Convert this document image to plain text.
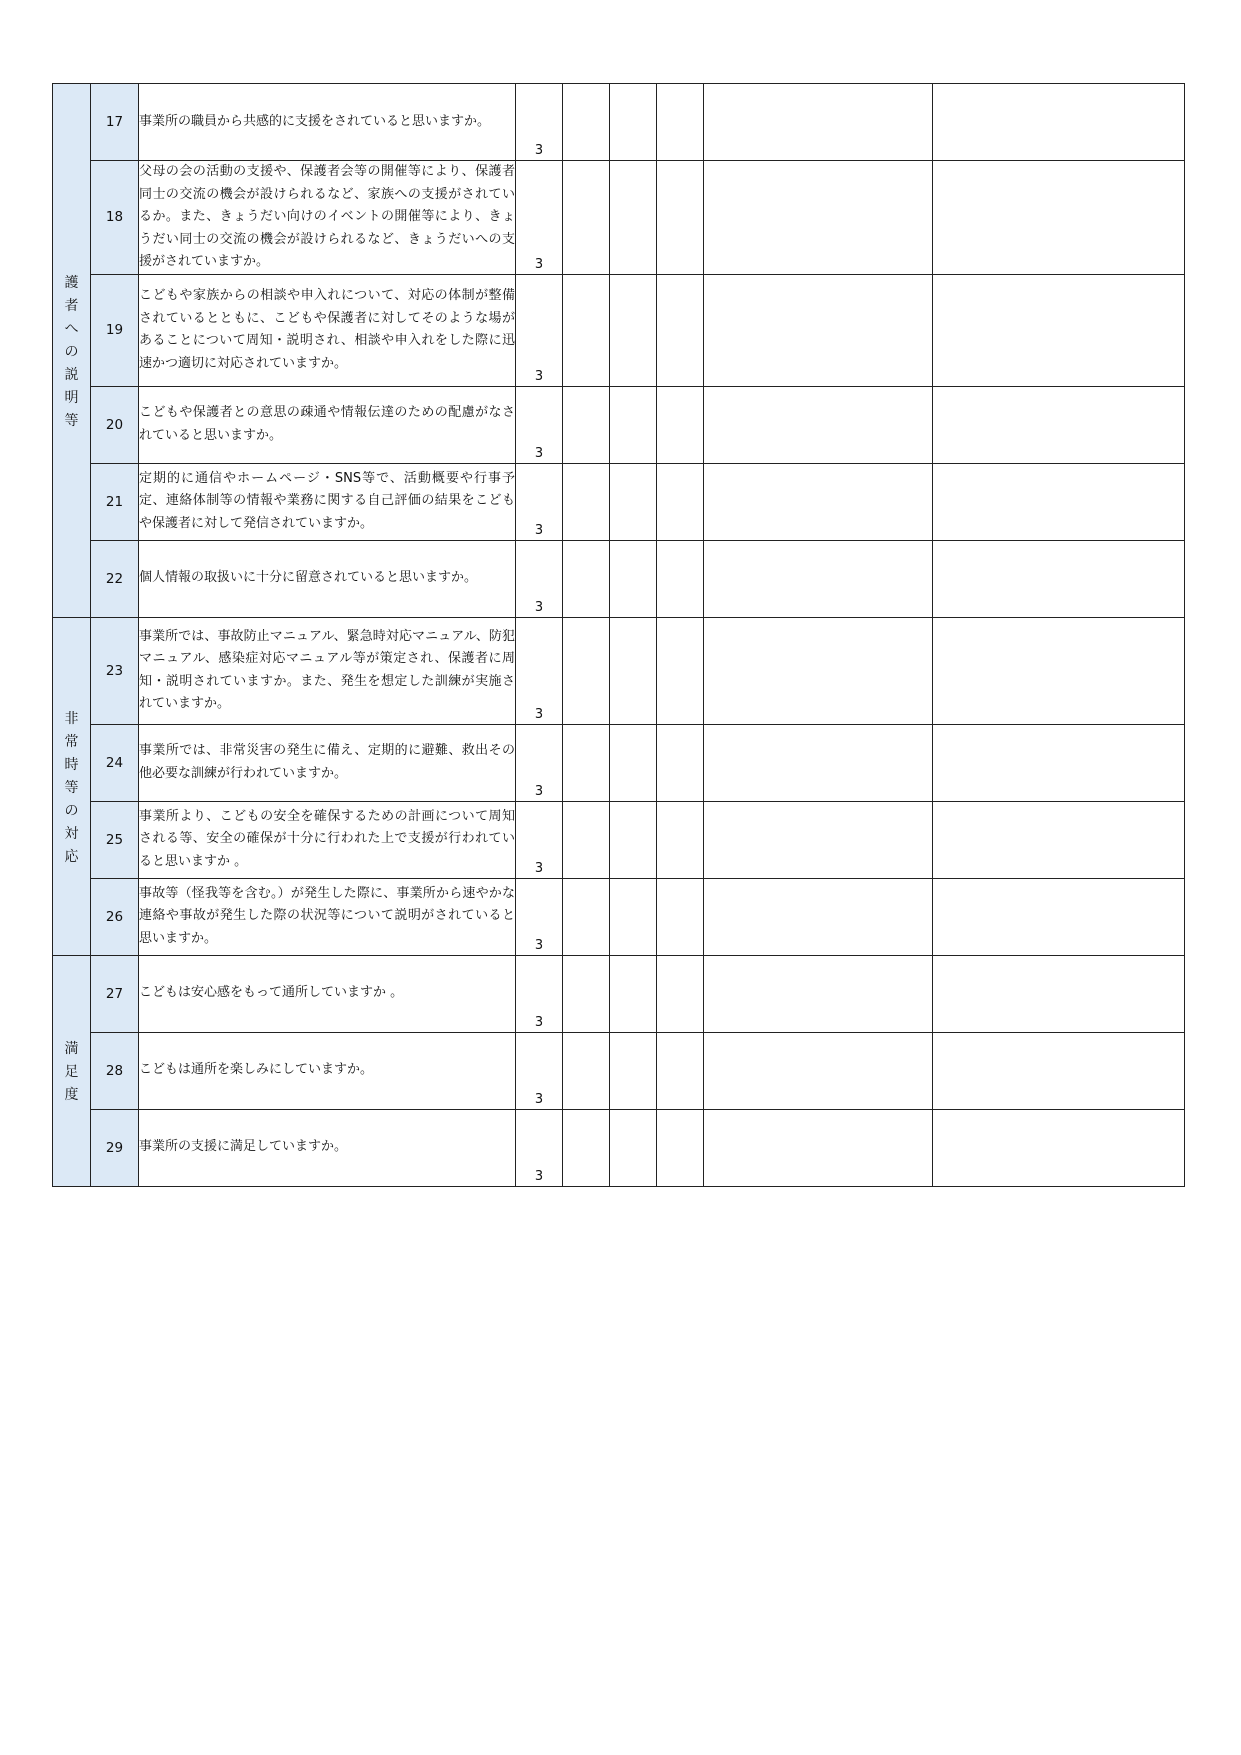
護者への説明等	17	事業所の職員から共感的に支援をされていると思いますか。	3					

	18	父母の会の活動の支援や、保護者会等の開催等により、保護者同士の交流の機会が設けられるなど、家族への支援がされているか。また、きょうだい向けのイベントの開催等により、きょうだい同士の交流の機会が設けられるなど、きょうだいへの支援がされていますか。	3					

	19	こどもや家族からの相談や申入れについて、対応の体制が整備されているとともに、こどもや保護者に対してそのような場があることについて周知・説明され、相談や申入れをした際に迅速かつ適切に対応されていますか。	3					

	20	こどもや保護者との意思の疎通や情報伝達のための配慮がなされていると思いますか。	3					

	21	定期的に通信やホームページ・SNS等で、活動概要や行事予定、連絡体制等の情報や業務に関する自己評価の結果をこどもや保護者に対して発信されていますか。	3					

	22	個人情報の取扱いに十分に留意されていると思いますか。	3					

非常時等の対応	23	事業所では、事故防止マニュアル、緊急時対応マニュアル、防犯マニュアル、感染症対応マニュアル等が策定され、保護者に周知・説明されていますか。また、発生を想定した訓練が実施されていますか。	3					

	24	事業所では、非常災害の発生に備え、定期的に避難、救出その他必要な訓練が行われていますか。	3					

	25	事業所より、こどもの安全を確保するための計画について周知される等、安全の確保が十分に行われた上で支援が行われていると思いますか 。	3					

	26	事故等（怪我等を含む。）が発生した際に、事業所から速やかな連絡や事故が発生した際の状況等について説明がされていると思いますか。	3					

満足度	27	こどもは安心感をもって通所していますか 。	3					

	28	こどもは通所を楽しみにしていますか。	3					

	29	事業所の支援に満足していますか。	3					
